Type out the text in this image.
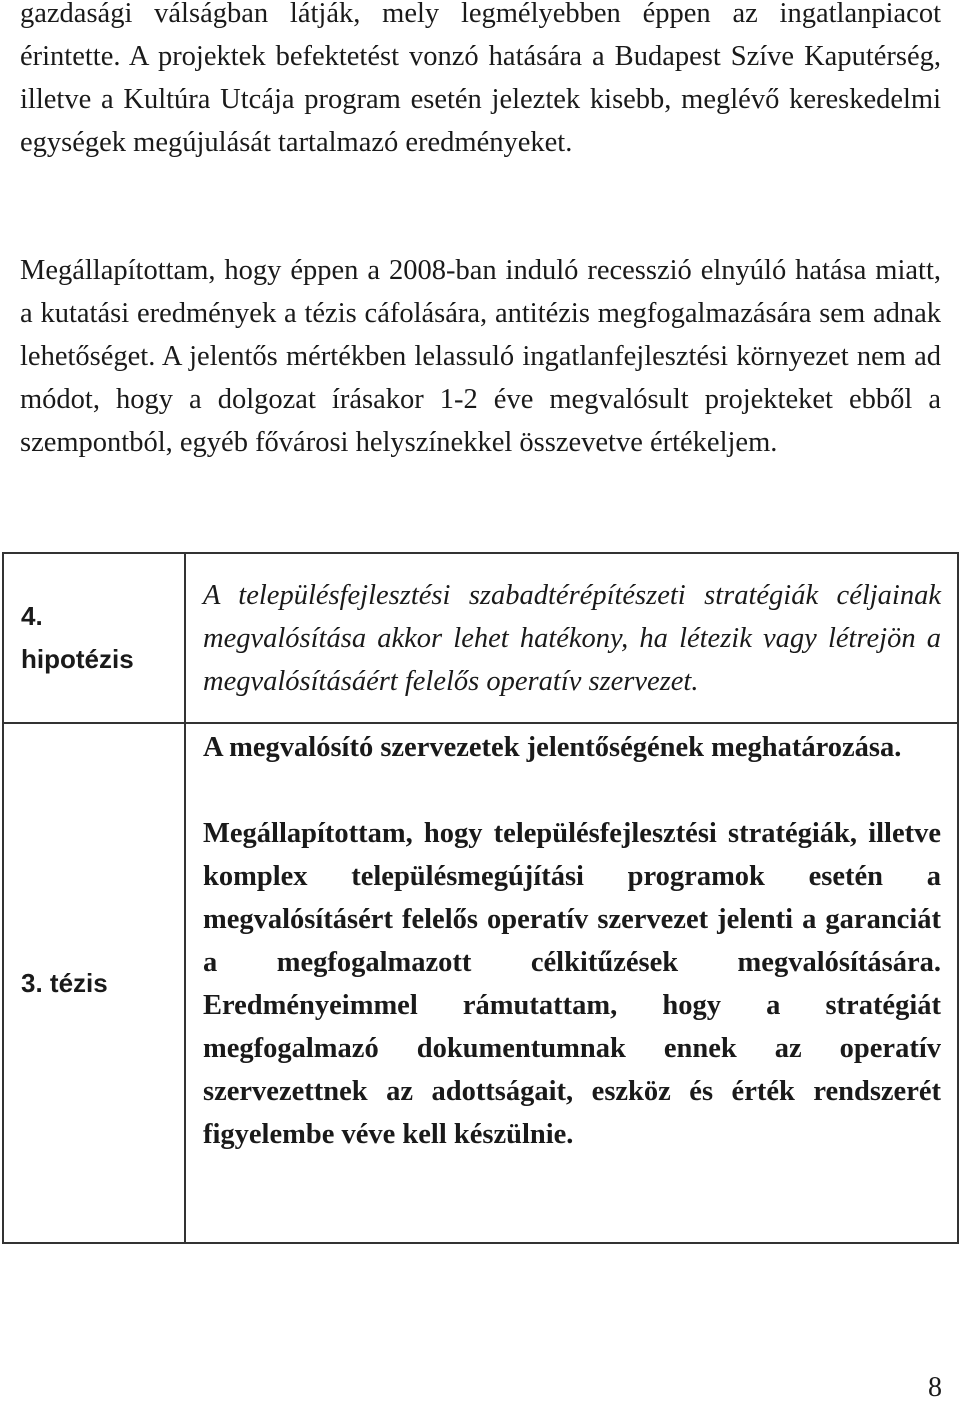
gazdasági válságban látják, mely legmélyebben éppen az ingatlanpiacot érintette. A projektek befektetést vonzó hatására a Budapest Szíve Kaputérség, illetve a Kultúra Utcája program esetén jeleztek kisebb, meglévő kereskedelmi egységek megújulását tartalmazó eredményeket.

Megállapítottam, hogy éppen a 2008-ban induló recesszió elnyúló hatása miatt, a kutatási eredmények a tézis cáfolására, antitézis megfogalmazására sem adnak lehetőséget. A jelentős mértékben lelassuló ingatlanfejlesztési környezet nem ad módot, hogy a dolgozat írásakor 1-2 éve megvalósult projekteket ebből a szempontból, egyéb fővárosi helyszínekkel összevetve értékeljem.

4.
hipotézis	A településfejlesztési szabadtérépítészeti stratégiák céljainak megvalósítása akkor lehet hatékony, ha létezik vagy létrejön a megvalósításáért felelős operatív szervezet.

3. tézis	A megvalósító szervezetek jelentőségének meghatározása.
Megállapítottam, hogy településfejlesztési stratégiák, illetve komplex településmegújítási programok esetén a megvalósításért felelős operatív szervezet jelenti a garanciát a megfogalmazott célkitűzések megvalósítására. Eredményeimmel rámutattam, hogy a stratégiát megfogalmazó dokumentumnak ennek az operatív szervezettnek az adottságait, eszköz és érték rendszerét figyelembe véve kell készülnie.
8
